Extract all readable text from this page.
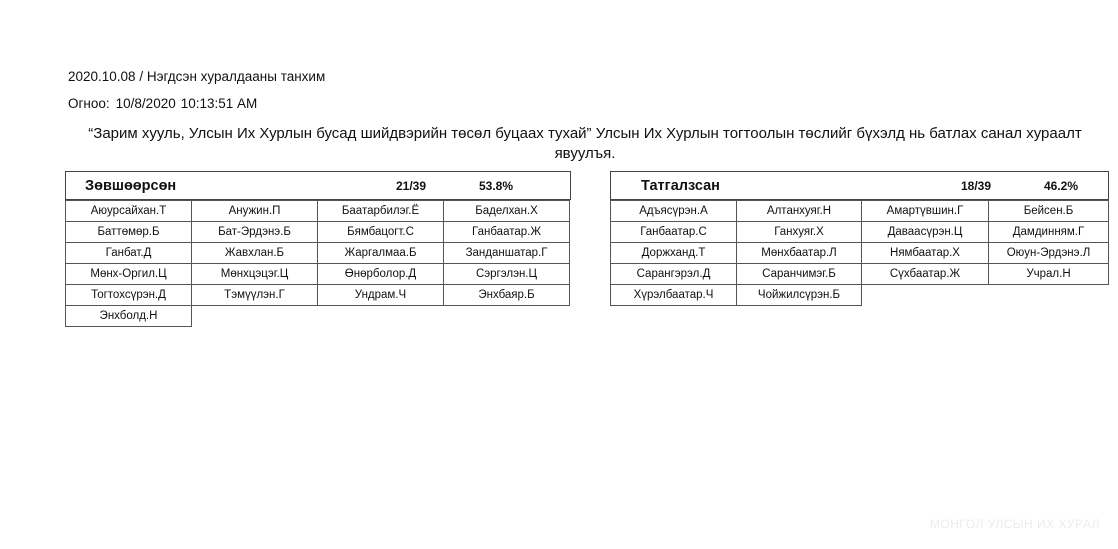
2020.10.08 / Нэгдсэн хуралдааны танхим
Огноо: 10/8/2020 10:13:51 AM
“Зарим хууль, Улсын Их Хурлын бусад шийдвэрийн төсөл буцаах тухай” Улсын Их Хурлын тогтоолын төслийг бүхэлд нь батлах санал хураалт явуулъя.
Зөвшөөрсөн	21/39	53.8%
Аюурсайхан.Т	Анужин.П	Баатарбилэг.Ё	Баделхан.Х
Баттөмөр.Б	Бат-Эрдэнэ.Б	Бямбацогт.С	Ганбаатар.Ж
Ганбат.Д	Жавхлан.Б	Жаргалмаа.Б	Занданшатар.Г
Мөнх-Оргил.Ц	Мөнхцэцэг.Ц	Өнөрболор.Д	Сэргэлэн.Ц
Тогтохсүрэн.Д	Тэмүүлэн.Г	Ундрам.Ч	Энхбаяр.Б
Энхболд.Н			
Татгалзсан	18/39	46.2%
Адъясүрэн.А	Алтанхуяг.Н	Амартүвшин.Г	Бейсен.Б
Ганбаатар.С	Ганхуяг.Х	Даваасүрэн.Ц	Дамдинням.Г
Доржханд.Т	Мөнхбаатар.Л	Нямбаатар.Х	Оюун-Эрдэнэ.Л
Сарангэрэл.Д	Саранчимэг.Б	Сүхбаатар.Ж	Учрал.Н
Хүрэлбаатар.Ч	Чойжилсүрэн.Б		
МОНГОЛ УЛСЫН ИХ ХУРАЛ
